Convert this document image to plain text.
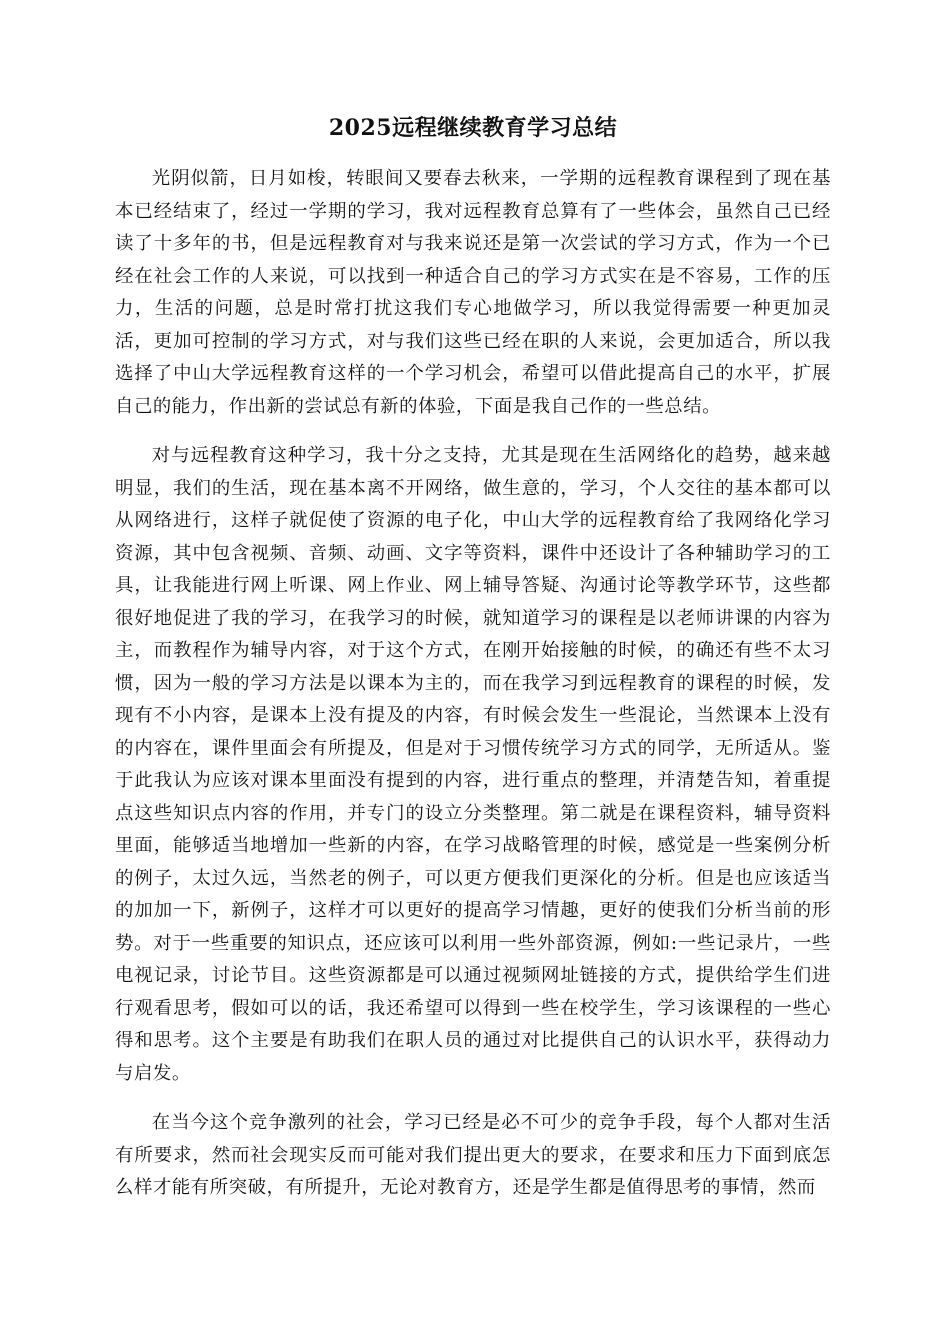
2025远程继续教育学习总结

光阴似箭，日月如梭，转眼间又要春去秋来，一学期的远程教育课程到了现在基本已经结束了，经过一学期的学习，我对远程教育总算有了一些体会，虽然自己已经读了十多年的书，但是远程教育对与我来说还是第一次尝试的学习方式，作为一个已经在社会工作的人来说，可以找到一种适合自己的学习方式实在是不容易，工作的压力，生活的问题，总是时常打扰这我们专心地做学习，所以我觉得需要一种更加灵活，更加可控制的学习方式，对与我们这些已经在职的人来说，会更加适合，所以我选择了中山大学远程教育这样的一个学习机会，希望可以借此提高自己的水平，扩展自己的能力，作出新的尝试总有新的体验，下面是我自己作的一些总结。

对与远程教育这种学习，我十分之支持，尤其是现在生活网络化的趋势，越来越明显，我们的生活，现在基本离不开网络，做生意的，学习，个人交往的基本都可以从网络进行，这样子就促使了资源的电子化，中山大学的远程教育给了我网络化学习资源，其中包含视频、音频、动画、文字等资料，课件中还设计了各种辅助学习的工具，让我能进行网上听课、网上作业、网上辅导答疑、沟通讨论等教学环节，这些都很好地促进了我的学习，在我学习的时候，就知道学习的课程是以老师讲课的内容为主，而教程作为辅导内容，对于这个方式，在刚开始接触的时候，的确还有些不太习惯，因为一般的学习方法是以课本为主的，而在我学习到远程教育的课程的时候，发现有不小内容，是课本上没有提及的内容，有时候会发生一些混论，当然课本上没有的内容在，课件里面会有所提及，但是对于习惯传统学习方式的同学，无所适从。鉴于此我认为应该对课本里面没有提到的内容，进行重点的整理，并清楚告知，着重提点这些知识点内容的作用，并专门的设立分类整理。第二就是在课程资料，辅导资料里面，能够适当地增加一些新的内容，在学习战略管理的时候，感觉是一些案例分析的例子，太过久远，当然老的例子，可以更方便我们更深化的分析。但是也应该适当的加加一下，新例子，这样才可以更好的提高学习情趣，更好的使我们分析当前的形势。对于一些重要的知识点，还应该可以利用一些外部资源，例如:一些记录片，一些电视记录，讨论节目。这些资源都是可以通过视频网址链接的方式，提供给学生们进行观看思考，假如可以的话，我还希望可以得到一些在校学生，学习该课程的一些心得和思考。这个主要是有助我们在职人员的通过对比提供自己的认识水平，获得动力与启发。

在当今这个竞争激列的社会，学习已经是必不可少的竞争手段，每个人都对生活有所要求，然而社会现实反而可能对我们提出更大的要求，在要求和压力下面到底怎么样才能有所突破，有所提升，无论对教育方，还是学生都是值得思考的事情，然而
